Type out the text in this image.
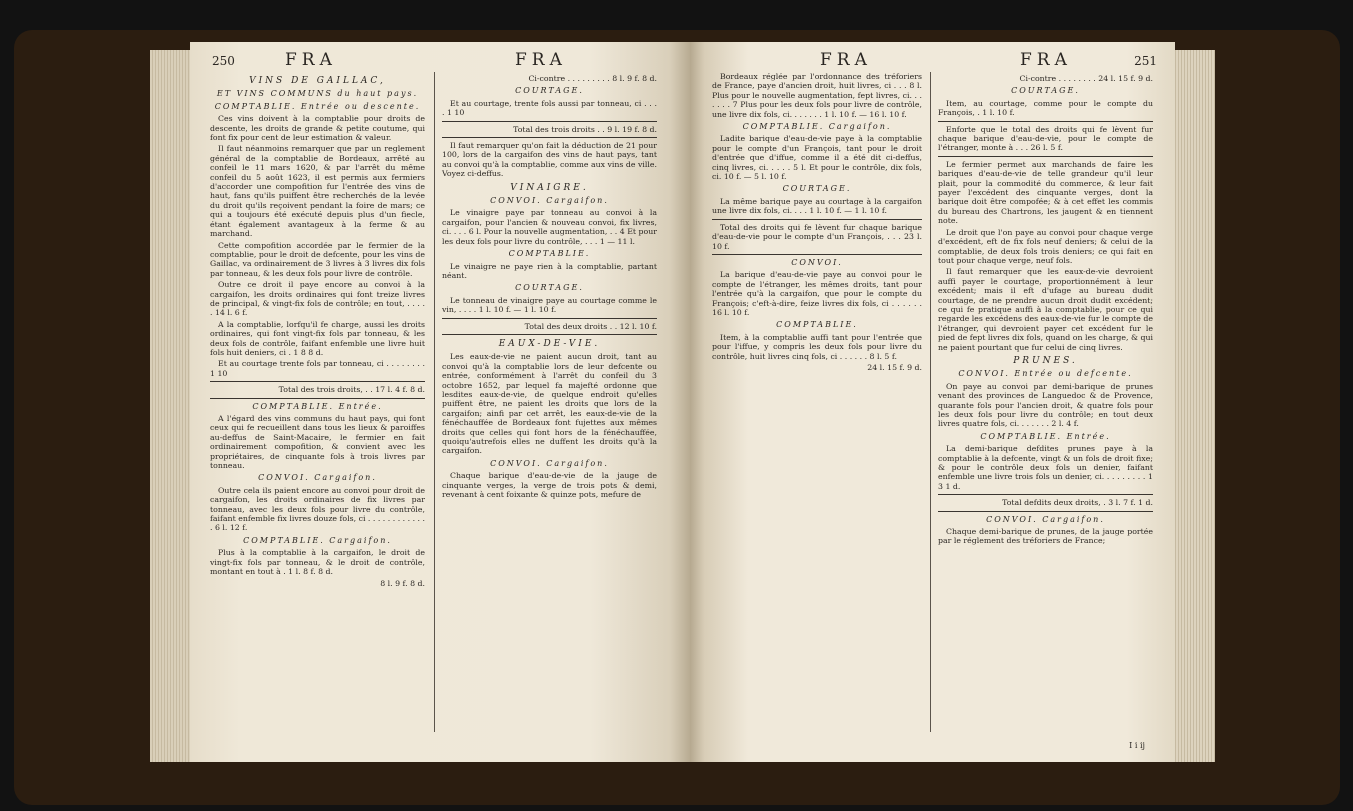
250	FRA	FRA
VINS DE GAILLAC,
ET VINS COMMUNS du haut pays.
COMPTABLIE. Entrée ou descente.

Ces vins doivent à la comptablie pour droits de descente, les droits de grande & petite coutume, qui font fix pour cent de leur estimation & valeur.

Il faut néanmoins remarquer que par un reglement général de la comptablie de Bordeaux, arrêté au confeil le 11 mars 1620, & par l'arrêt du même confeil du 5 août 1623, il est permis aux fermiers d'accorder une compofition fur l'entrée des vins de haut, fans qu'ils puiffent être recherchés de la levée du droit qu'ils reçoivent pendant la foire de mars; ce qui a toujours été exécuté depuis plus d'un fiecle, étant également avantageux à la ferme & au marchand.

Cette compofition accordée par le fermier de la comptablie, pour le droit de defcente, pour les vins de Gaillac, va ordinairement de 3 livres à 3 livres dix fols par tonneau, & les deux fols pour livre de contrôle.

Outre ce droit il paye encore au convoi à la cargaifon, les droits ordinaires qui font treize livres de principal, & vingt-fix fols de contrôle; en tout, . . . . . 14 l. 6 f.

A la comptablie, lorfqu'il fe charge, aussi les droits ordinaires, qui font vingt-fix fols par tonneau, & les deux fols de contrôle, faifant enfemble une livre huit fols huit deniers, ci . 1 8 8 d.

Et au courtage trente fols par tonneau, ci . . . . . . . . 1 10

Total des trois droits, . . 17 l. 4 f. 8 d.
COMPTABLIE. Entrée.

A l'égard des vins communs du haut pays, qui font ceux qui fe recueillent dans tous les lieux & paroiffes au-deffus de Saint-Macaire, le fermier en fait ordinairement compofition, & convient avec les propriétaires, de cinquante fols à trois livres par tonneau.

CONVOI. Cargaifon.

Outre cela ils paient encore au convoi pour droit de cargaifon, les droits ordinaires de fix livres par tonneau, avec les deux fols pour livre du contrôle, faifant enfemble fix livres douze fols, ci . . . . . . . . . . . . . 6 l. 12 f.

COMPTABLIE. Cargaifon.

Plus à la comptablie à la cargaifon, le droit de vingt-fix fols par tonneau, & le droit de contrôle, montant en tout à . 1 l. 8 f. 8 d.

8 l. 9 f. 8 d.
Ci-contre . . . . . . . . . 8 l. 9 f. 8 d.
COURTAGE.

Et au courtage, trente fols aussi par tonneau, ci . . . . 1 10

Total des trois droits . . 9 l. 19 f. 8 d.

Il faut remarquer qu'on fait la déduction de 21 pour 100, lors de la cargaifon des vins de haut pays, tant au convoi qu'à la comptablie, comme aux vins de ville. Voyez ci-deffus.

VINAIGRE.
CONVOI. Cargaifon.

Le vinaigre paye par tonneau au convoi à la cargaifon, pour l'ancien & nouveau convoi, fix livres, ci. . . . 6 l. Pour la nouvelle augmentation, . . 4 Et pour les deux fols pour livre du contrôle, . . . 1 — 11 l.

COMPTABLIE.

Le vinaigre ne paye rien à la comptablie, partant néant.

COURTAGE.

Le tonneau de vinaigre paye au courtage comme le vin, . . . . 1 l. 10 f. — 1 l. 10 f.

Total des deux droits . . 12 l. 10 f.
EAUX-DE-VIE.

Les eaux-de-vie ne paient aucun droit, tant au convoi qu'à la comptablie lors de leur defcente ou entrée, conformément à l'arrêt du confeil du 3 octobre 1652, par lequel fa majefté ordonne que lesdites eaux-de-vie, de quelque endroit qu'elles puiffent être, ne paient les droits que lors de la cargaifon; ainfi par cet arrêt, les eaux-de-vie de la fénéchauffée de Bordeaux font fujettes aux mêmes droits que celles qui font hors de la fénéchauffée, quoiqu'autrefois elles ne duffent les droits qu'à la cargaifon.

CONVOI. Cargaifon.

Chaque barique d'eau-de-vie de la jauge de cinquante verges, la verge de trois pots & demi, revenant à cent foixante & quinze pots, mefure de

FRA	FRA	251

Bordeaux réglée par l'ordonnance des tréforiers de France, paye d'ancien droit, huit livres, ci . . . 8 l. Plus pour le nouvelle augmentation, fept livres, ci. . . . . . . 7 Plus pour les deux fols pour livre de contrôle, une livre dix fols, ci. . . . . . . 1 l. 10 f. — 16 l. 10 f.

COMPTABLIE. Cargaifon.

Ladite barique d'eau-de-vie paye à la comptablie pour le compte d'un François, tant pour le droit d'entrée que d'iffue, comme il a été dit ci-deffus, cinq livres, ci. . . . . 5 l. Et pour le contrôle, dix fols, ci. 10 f. — 5 l. 10 f.

COURTAGE.

La même barique paye au courtage à la cargaifon une livre dix fols, ci. . . . 1 l. 10 f. — 1 l. 10 f.

Total des droits qui fe lèvent fur chaque barique d'eau-de-vie pour le compte d'un François, . . . 23 l. 10 f.

CONVOI.

La barique d'eau-de-vie paye au convoi pour le compte de l'étranger, les mêmes droits, tant pour l'entrée qu'à la cargaifon, que pour le compte du François; c'eft-à-dire, feize livres dix fols, ci . . . . . . 16 l. 10 f.

COMPTABLIE.

Item, à la comptablie auffi tant pour l'entrée que pour l'iffue, y compris les deux fols pour livre du contrôle, huit livres cinq fols, ci . . . . . . 8 l. 5 f.

24 l. 15 f. 9 d.
Ci-contre . . . . . . . . 24 l. 15 f. 9 d.
COURTAGE.

Item, au courtage, comme pour le compte du François, . 1 l. 10 f.

Enforte que le total des droits qui fe lèvent fur chaque barique d'eau-de-vie, pour le compte de l'étranger, monte à . . . 26 l. 5 f.

Le fermier permet aux marchands de faire les bariques d'eau-de-vie de telle grandeur qu'il leur plait, pour la commodité du commerce, & leur fait payer l'excédent des cinquante verges, dont la barique doit être compofée; & à cet effet les commis du bureau des Chartrons, les jaugent & en tiennent note.

Le droit que l'on paye au convoi pour chaque verge d'excédent, eft de fix fols neuf deniers; & celui de la comptablie, de deux fols trois deniers; ce qui fait en tout pour chaque verge, neuf fols.

Il faut remarquer que les eaux-de-vie devroient auffi payer le courtage, proportionnément à leur excédent; mais il eft d'ufage au bureau dudit courtage, de ne prendre aucun droit dudit excédent; ce qui fe pratique auffi à la comptablie, pour ce qui regarde les excédens des eaux-de-vie fur le compte de l'étranger, qui devroient payer cet excédent fur le pied de fept livres dix fols, quand on les charge, & qui ne paient pourtant que fur celui de cinq livres.

PRUNES.
CONVOI. Entrée ou defcente.

On paye au convoi par demi-barique de prunes venant des provinces de Languedoc & de Provence, quarante fols pour l'ancien droit, & quatre fols pour les deux fols pour livre du contrôle; en tout deux livres quatre fols, ci. . . . . . . 2 l. 4 f.

COMPTABLIE. Entrée.

La demi-barique defdites prunes paye à la comptablie à la defcente, vingt & un fols de droit fixe; & pour le contrôle deux fols un denier, faifant enfemble une livre trois fols un denier, ci. . . . . . . . . 1 3 1 d.

Total defdits deux droits, . 3 l. 7 f. 1 d.
CONVOI. Cargaifon.

Chaque demi-barique de prunes, de la jauge portée par le réglement des tréforiers de France;

I i ij
